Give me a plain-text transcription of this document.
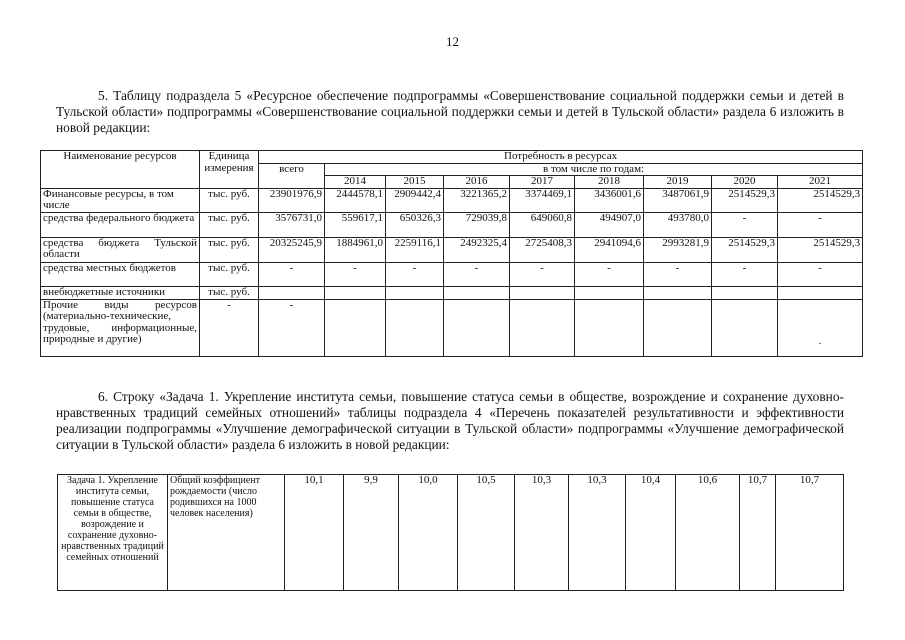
12

5. Таблицу подраздела 5 «Ресурсное обеспечение подпрограммы «Совершенствование социальной поддержки семьи и детей в Тульской области» подпрограммы «Совершенствование социальной поддержки семьи и детей в Тульской области» раздела 6 изложить в новой редакции:

Наименование ресурсов	Единица измерения	Потребность в ресурсах								
		всего	в том числе по годам:							
			2014	2015	2016	2017	2018	2019	2020	2021
Финансовые ресурсы, в том числе	тыс. руб.	23901976,9	2444578,1	2909442,4	3221365,2	3374469,1	3436001,6	3487061,9	2514529,3	2514529,3
средства федерального бюджета	тыс. руб.	3576731,0	559617,1	650326,3	729039,8	649060,8	494907,0	493780,0	-	-
средства бюджета Тульской области	тыс. руб.	20325245,9	1884961,0	2259116,1	2492325,4	2725408,3	2941094,6	2993281,9	2514529,3	2514529,3
средства местных бюджетов	тыс. руб.	-	-	-	-	-	-	-	-	-
внебюджетные источники	тыс. руб.									
Прочие виды ресурсов (материально-технические, трудовые, информационные, природные и другие)	-	-								.

6. Строку «Задача 1. Укрепление института семьи, повышение статуса семьи в обществе, возрождение и сохранение духовно-нравственных традиций семейных отношений» таблицы подраздела 4 «Перечень показателей результативности и эффективности реализации подпрограммы «Улучшение демографической ситуации в Тульской области» подпрограммы «Улучшение демографической ситуации в Тульской области» раздела 6 изложить в новой редакции:

Задача 1. Укрепление института семьи, повышение статуса семьи в обществе, возрождение и сохранение духовно-нравственных традиций семейных отношений	Общий коэффициент рождаемости (число родившихся на 1000 человек населения)	10,1	9,9	10,0	10,5	10,3	10,3	10,4	10,6	10,7	10,7
